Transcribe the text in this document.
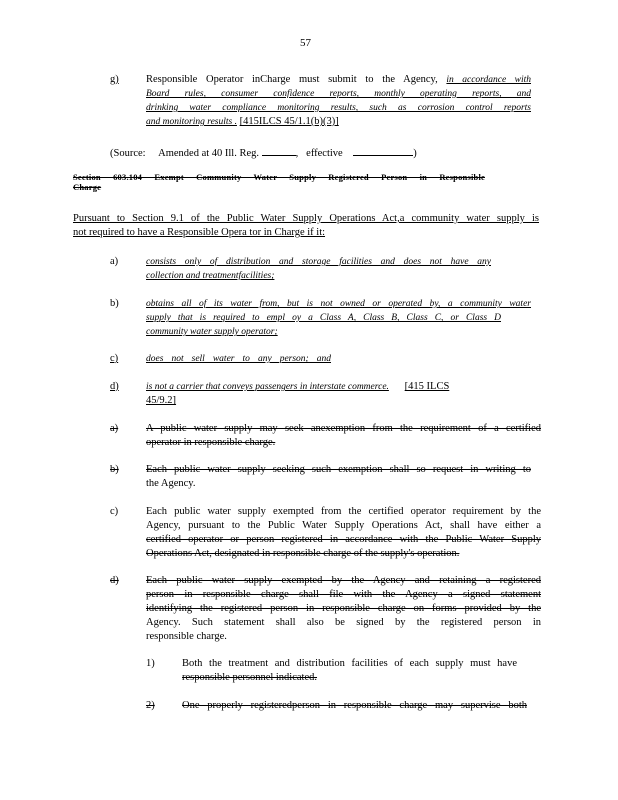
57
g)	Responsible Operator inCharge must submit to the Agency, in accordance with
Board rules, consumer confidence reports, monthly operating reports, and
drinking water compliance monitoring results, such as corrosion control reports
and monitoring results . [415ILCS 45/1.1(b)(3)]
(Source: Amended at 40 Ill. Reg.	, effective	)
Section 603.104 Exempt Community Water Supply Registered Person in Responsible
Charge
Pursuant to Section 9.1 of the Public Water Supply Operations Act,a community water supply is
not required to have a Responsible Opera tor in Charge if it:
a)	consists only of distribution and storage facilities and does not have any
collection and treatmentfacilities;
b)	obtains all of its water from, but is not owned or operated by, a community water
supply that is required to empl oy a Class A, Class B, Class C, or Class D
community water supply operator;
c)	does not sell water to any person; and
d)	is not a carrier that conveys passengers in interstate commerce. [415 ILCS
45/9.2]
a)	A public water supply may seek anexemption from the requirement of a certified
operator in responsible charge.
b)	Each public water supply seeking such exemption shall so request in writing to
the Agency.
c)	Each public water supply exempted from the certified operator requirement by the
Agency, pursuant to the Public Water Supply Operations Act, shall have either a
certified operator or person registered in accordance with the Public Water Supply
Operations Act, designated in responsible charge of the supply's operation.
d)	Each public water supply exempted by the Agency and retaining a registered
person in responsible charge shall file with the Agency a signed statement
identifying the registered person in responsible charge on forms provided by the
Agency. Such statement shall also be signed by the registered person in
responsible charge.
1)	Both the treatment and distribution facilities of each supply must have
responsible personnel indicated.
2)	One properly registeredperson in responsible charge may supervise both
